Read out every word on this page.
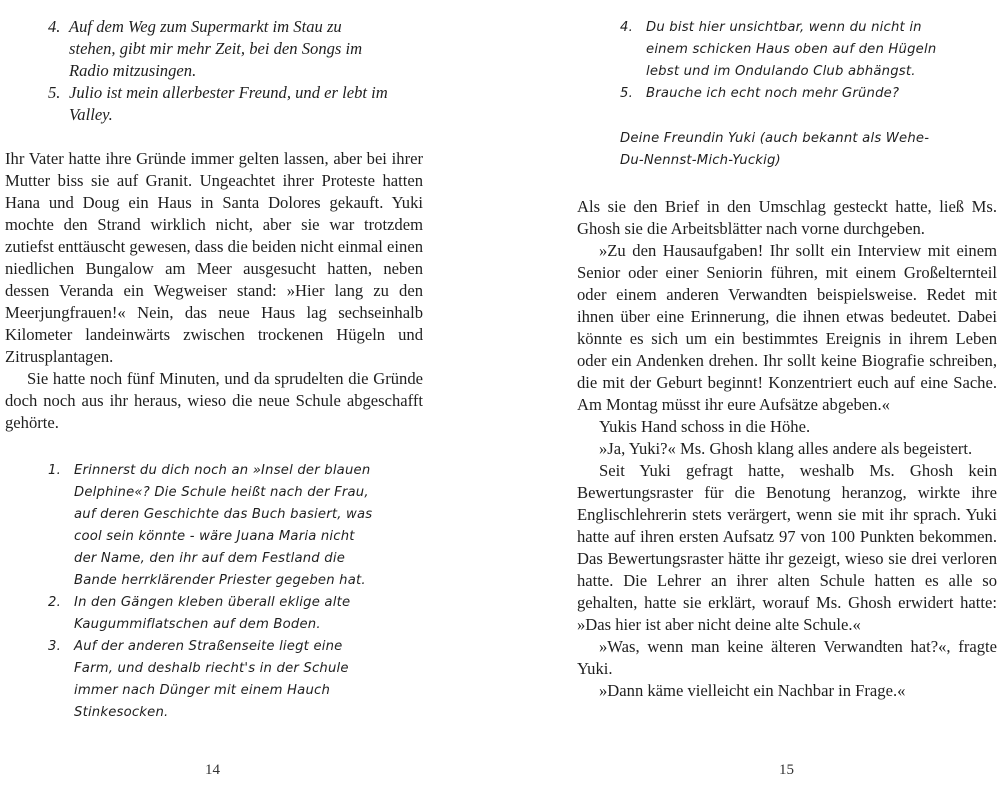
4. Auf dem Weg zum Supermarkt im Stau zu stehen, gibt mir mehr Zeit, bei den Songs im Radio mitzusingen.
5. Julio ist mein allerbester Freund, und er lebt im Valley.

Ihr Vater hatte ihre Gründe immer gelten lassen, aber bei ihrer Mutter biss sie auf Granit. Ungeachtet ihrer Proteste hatten Hana und Doug ein Haus in Santa Dolores gekauft. Yuki mochte den Strand wirklich nicht, aber sie war trotzdem zutiefst enttäuscht gewesen, dass die beiden nicht einmal einen niedlichen Bungalow am Meer ausgesucht hatten, neben dessen Veranda ein Wegweiser stand: »Hier lang zu den Meerjungfrauen!« Nein, das neue Haus lag sechseinhalb Kilometer landeinwärts zwischen trockenen Hügeln und Zitrusplantagen.

Sie hatte noch fünf Minuten, und da sprudelten die Gründe doch noch aus ihr heraus, wieso die neue Schule abgeschafft gehörte.

1. Erinnerst du dich noch an »Insel der blauen Delphine«? Die Schule heißt nach der Frau, auf deren Geschichte das Buch basiert, was cool sein könnte - wäre Juana Maria nicht der Name, den ihr auf dem Festland die Bande herrklärender Priester gegeben hat.
2. In den Gängen kleben überall eklige alte Kaugummiflatschen auf dem Boden.
3. Auf der anderen Straßenseite liegt eine Farm, und deshalb riecht's in der Schule immer nach Dünger mit einem Hauch Stinkesocken.
14
4. Du bist hier unsichtbar, wenn du nicht in einem schicken Haus oben auf den Hügeln lebst und im Ondulando Club abhängst.
5. Brauche ich echt noch mehr Gründe?
Deine Freundin Yuki (auch bekannt als Wehe-Du-Nennst-Mich-Yuckig)

Als sie den Brief in den Umschlag gesteckt hatte, ließ Ms. Ghosh sie die Arbeitsblätter nach vorne durchgeben.

»Zu den Hausaufgaben! Ihr sollt ein Interview mit einem Senior oder einer Seniorin führen, mit einem Großelternteil oder einem anderen Verwandten beispielsweise. Redet mit ihnen über eine Erinnerung, die ihnen etwas bedeutet. Dabei könnte es sich um ein bestimmtes Ereignis in ihrem Leben oder ein Andenken drehen. Ihr sollt keine Biografie schreiben, die mit der Geburt beginnt! Konzentriert euch auf eine Sache. Am Montag müsst ihr eure Aufsätze abgeben.«

Yukis Hand schoss in die Höhe.

»Ja, Yuki?« Ms. Ghosh klang alles andere als begeistert.

Seit Yuki gefragt hatte, weshalb Ms. Ghosh kein Bewertungsraster für die Benotung heranzog, wirkte ihre Englischlehrerin stets verärgert, wenn sie mit ihr sprach. Yuki hatte auf ihren ersten Aufsatz 97 von 100 Punkten bekommen. Das Bewertungsraster hätte ihr gezeigt, wieso sie drei verloren hatte. Die Lehrer an ihrer alten Schule hatten es alle so gehalten, hatte sie erklärt, worauf Ms. Ghosh erwidert hatte: »Das hier ist aber nicht deine alte Schule.«

»Was, wenn man keine älteren Verwandten hat?«, fragte Yuki.

»Dann käme vielleicht ein Nachbar in Frage.«

15
